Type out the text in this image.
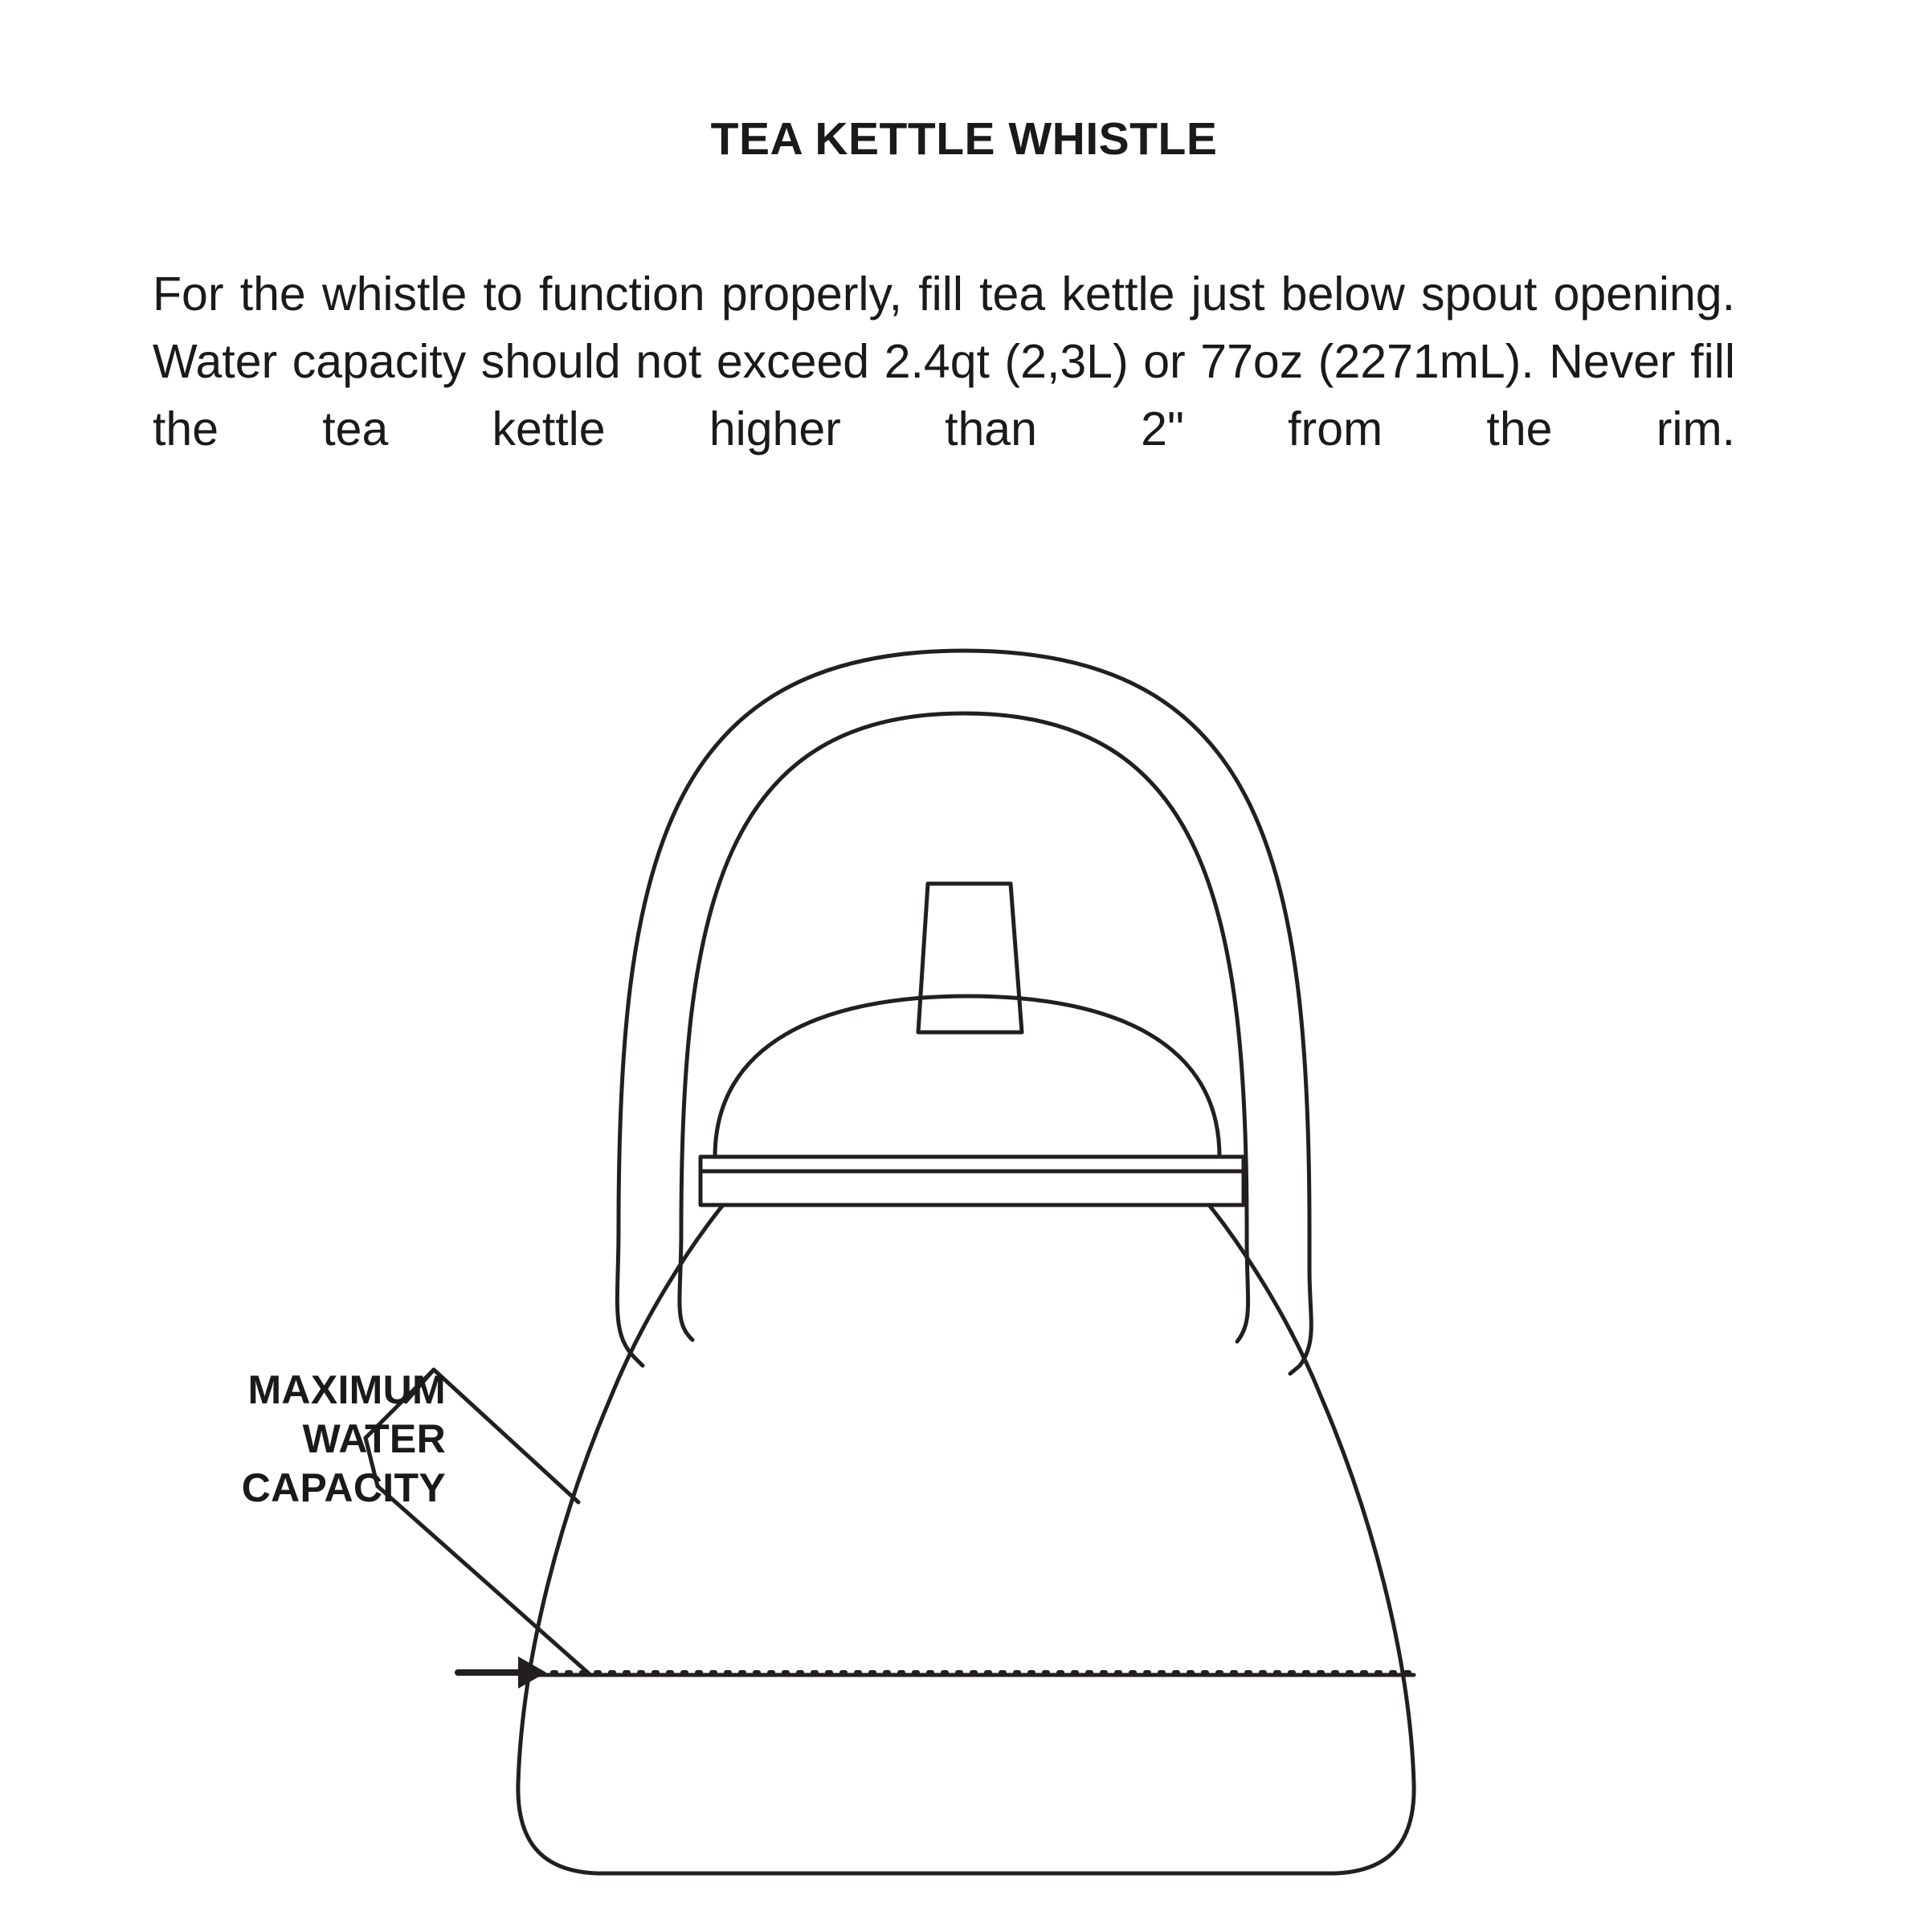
TEA KETTLE WHISTLE
For the whistle to function properly, fill tea kettle just below spout opening. Water capacity should not exceed 2.4qt (2,3L) or 77oz (2271mL). Never fill the tea kettle higher than 2" from the rim.
MAXIMUM
WATER
CAPACITY
